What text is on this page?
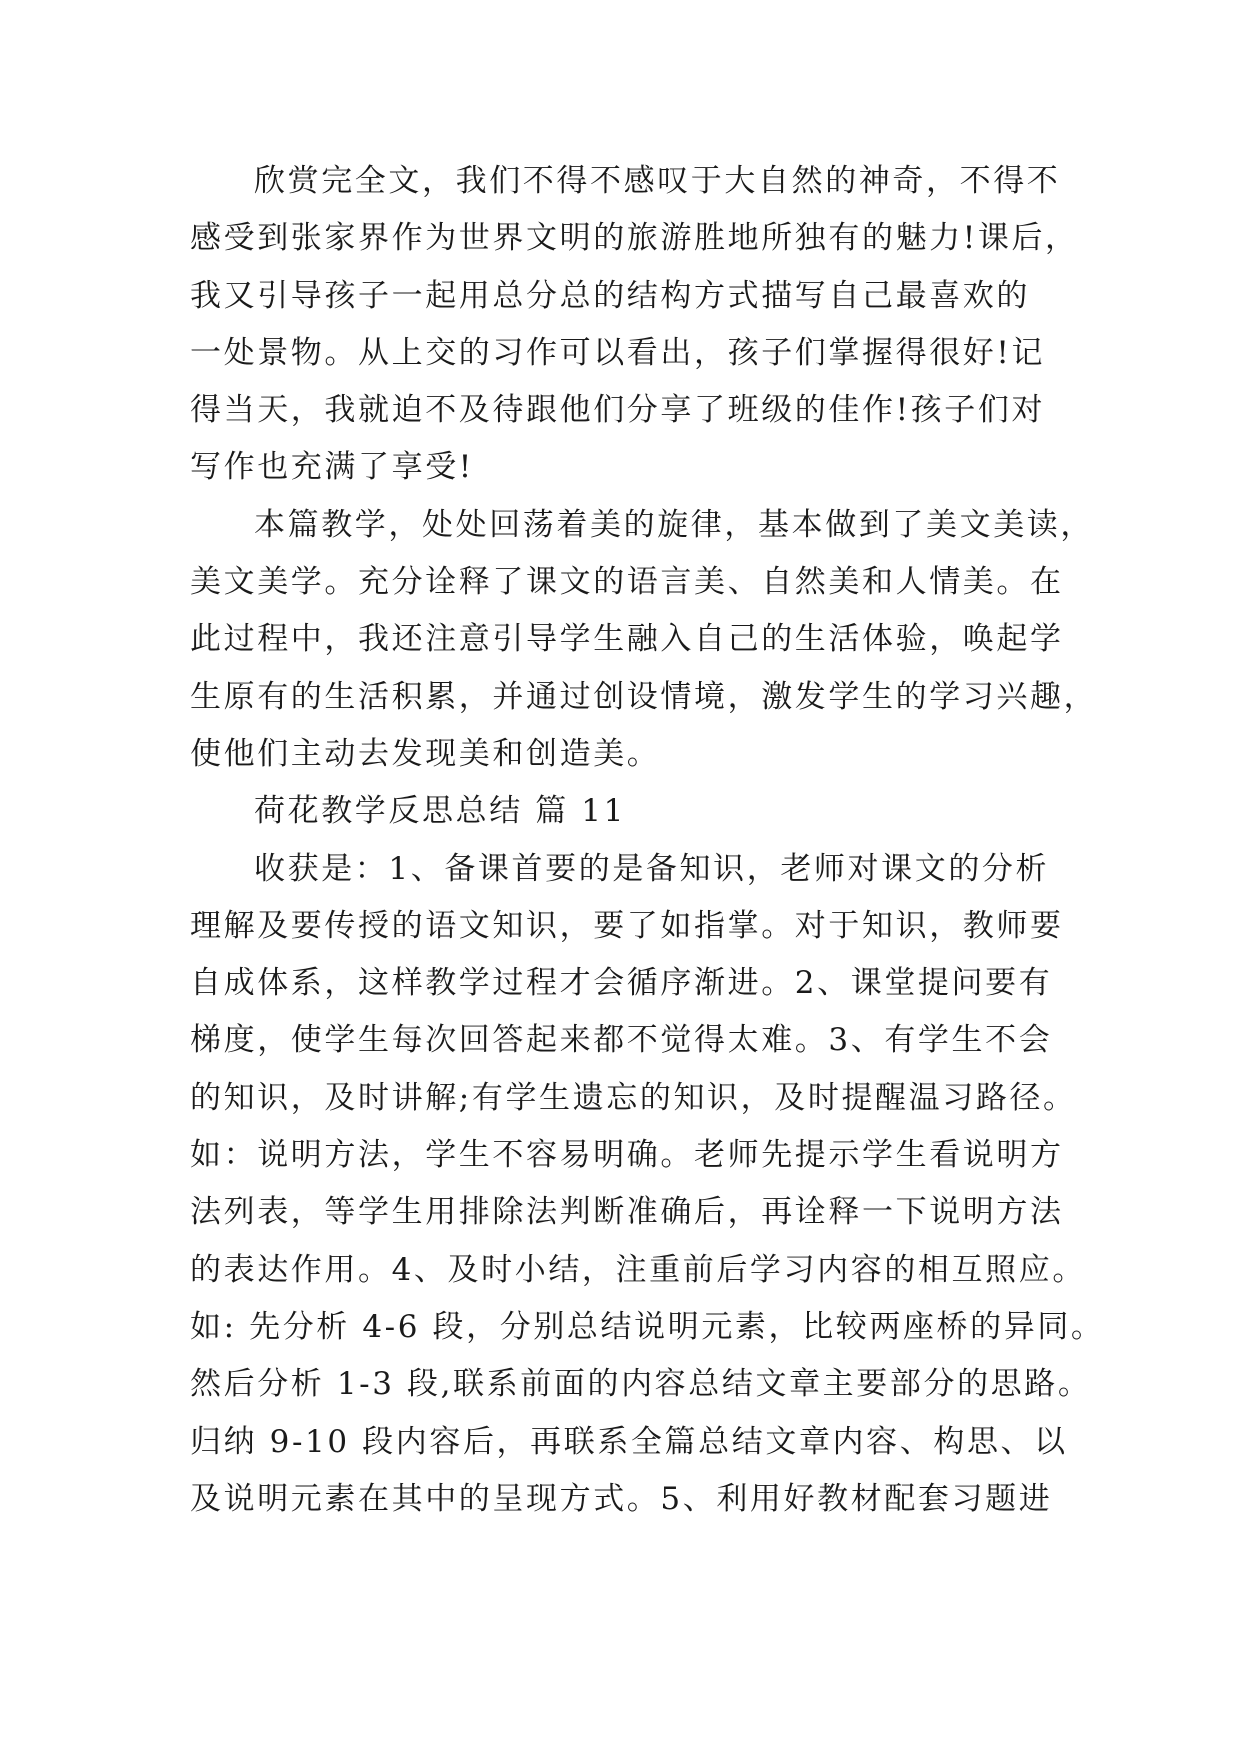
欣赏完全文，我们不得不感叹于大自然的神奇，不得不
感受到张家界作为世界文明的旅游胜地所独有的魅力!课后，
我又引导孩子一起用总分总的结构方式描写自己最喜欢的
一处景物。从上交的习作可以看出，孩子们掌握得很好!记
得当天，我就迫不及待跟他们分享了班级的佳作!孩子们对
写作也充满了享受!
本篇教学，处处回荡着美的旋律，基本做到了美文美读，
美文美学。充分诠释了课文的语言美、自然美和人情美。在
此过程中，我还注意引导学生融入自己的生活体验，唤起学
生原有的生活积累，并通过创设情境，激发学生的学习兴趣，
使他们主动去发现美和创造美。
荷花教学反思总结 篇 11
收获是：1、备课首要的是备知识，老师对课文的分析
理解及要传授的语文知识，要了如指掌。对于知识，教师要
自成体系，这样教学过程才会循序渐进。2、课堂提问要有
梯度，使学生每次回答起来都不觉得太难。3、有学生不会
的知识，及时讲解;有学生遗忘的知识，及时提醒温习路径。
如：说明方法，学生不容易明确。老师先提示学生看说明方
法列表，等学生用排除法判断准确后，再诠释一下说明方法
的表达作用。4、及时小结，注重前后学习内容的相互照应。
如: 先分析 4-6 段，分别总结说明元素，比较两座桥的异同。
然后分析 1-3 段,联系前面的内容总结文章主要部分的思路。
归纳 9-10 段内容后，再联系全篇总结文章内容、构思、以
及说明元素在其中的呈现方式。5、利用好教材配套习题进
